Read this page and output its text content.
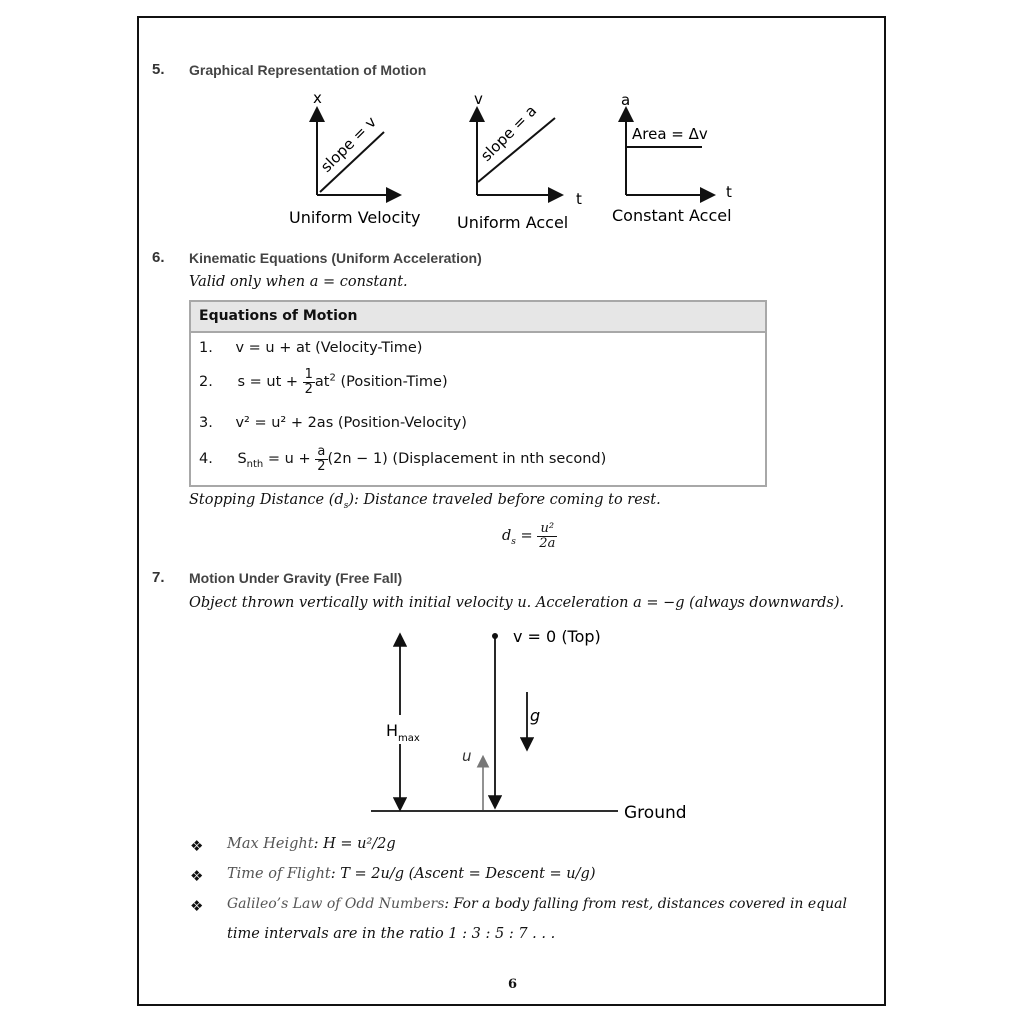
5. Graphical Representation of Motion
x
slope = v
Uniform Velocity
v
t
slope = a
Uniform Accel
a
t
Area = Δv
Constant Accel
6. Kinematic Equations (Uniform Acceleration)
Valid only when a = constant.
Equations of Motion
1. v = u + at (Velocity-Time)
2. s = ut + $\frac{1}{2} at^2$ (Position-Time)
3. v² = u² + 2as (Position-Velocity)
4. $S_{nth} = u + \frac{a}{2} (2n - 1)$ (Displacement in nth second)
Stopping Distance $(d_s)$: Distance traveled before coming to rest.
$d_s = \frac{\text{u²}}{2a}$
7. Motion Under Gravity (Free Fall)
Object thrown vertically with initial velocity u. Acceleration a = −g (always downwards).
Ground
$H_{max}$
v = 0 (Top)
g
u
❖ Max Height: H = u²/2g
❖ Time of Flight: T = 2u/g (Ascent = Descent = u/g)
❖ Galileo’s Law of Odd Numbers: For a body falling from rest, distances covered in equal
time intervals are in the ratio 1 : 3 : 5 : 7 . . .
6
